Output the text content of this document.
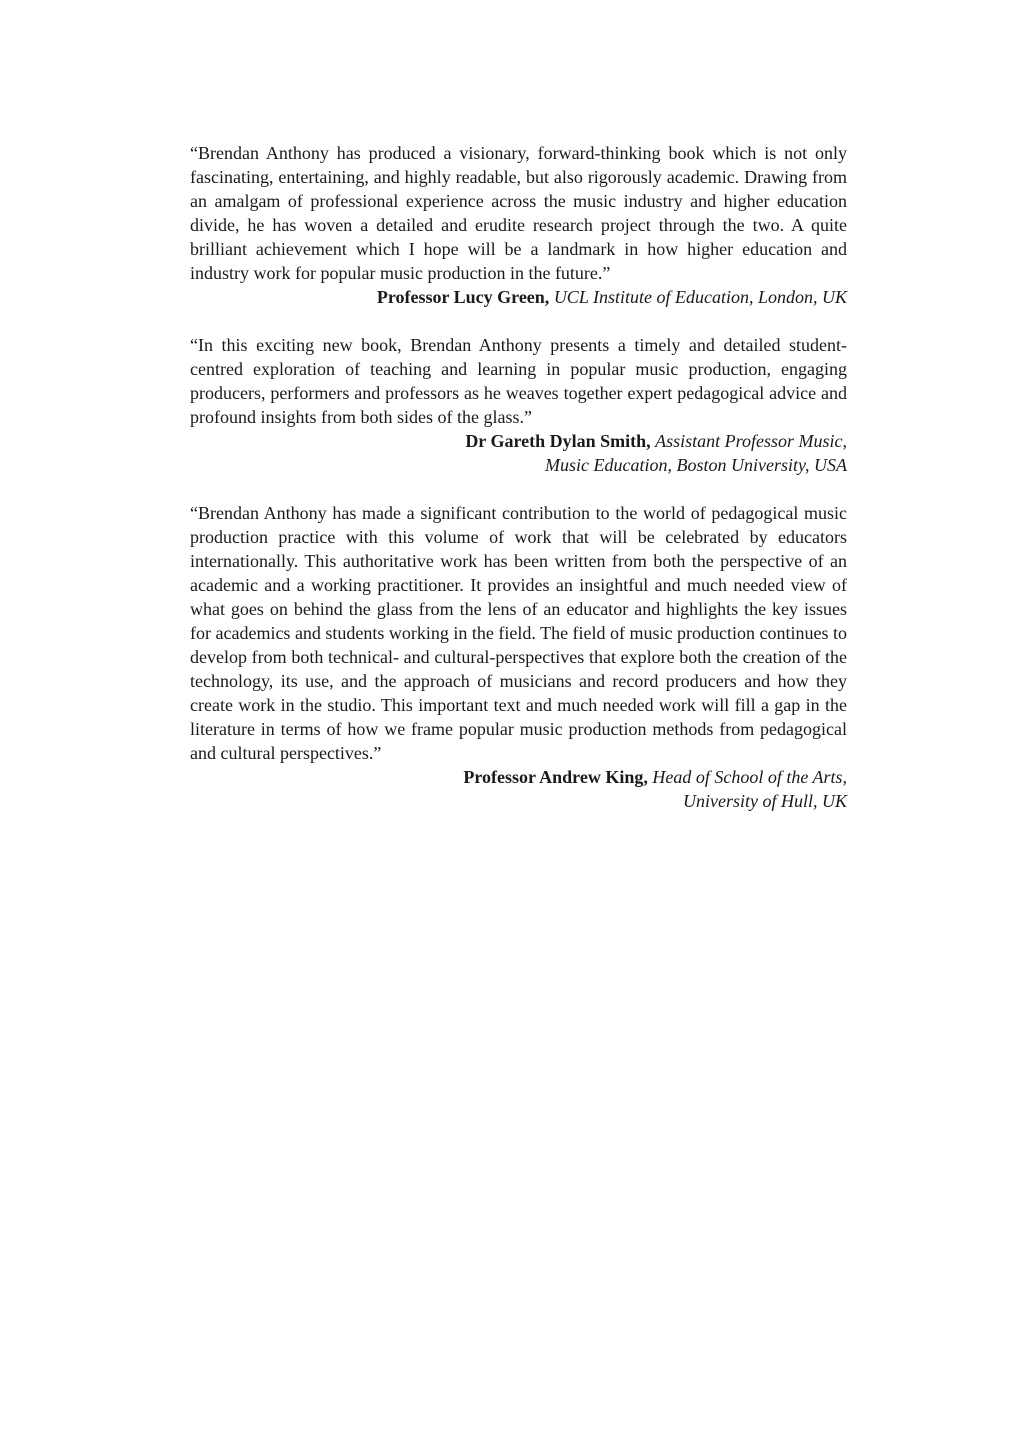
“Brendan Anthony has produced a visionary, forward-thinking book which is not only fascinating, entertaining, and highly readable, but also rigorously academic. Drawing from an amalgam of professional experience across the music industry and higher education divide, he has woven a detailed and erudite research project through the two. A quite brilliant achievement which I hope will be a landmark in how higher education and industry work for popular music production in the future.”

Professor Lucy Green, UCL Institute of Education, London, UK

“In this exciting new book, Brendan Anthony presents a timely and detailed student-centred exploration of teaching and learning in popular music production, engaging producers, performers and professors as he weaves together expert pedagogical advice and profound insights from both sides of the glass.”

Dr Gareth Dylan Smith, Assistant Professor Music,
Music Education, Boston University, USA

“Brendan Anthony has made a significant contribution to the world of pedagogical music production practice with this volume of work that will be celebrated by educators internationally. This authoritative work has been written from both the perspective of an academic and a working practitioner. It provides an insightful and much needed view of what goes on behind the glass from the lens of an educator and highlights the key issues for academics and students working in the field. The field of music production continues to develop from both technical- and cultural-perspectives that explore both the creation of the technology, its use, and the approach of musicians and record producers and how they create work in the studio. This important text and much needed work will fill a gap in the literature in terms of how we frame popular music production methods from pedagogical and cultural perspectives.”

Professor Andrew King, Head of School of the Arts,
University of Hull, UK
